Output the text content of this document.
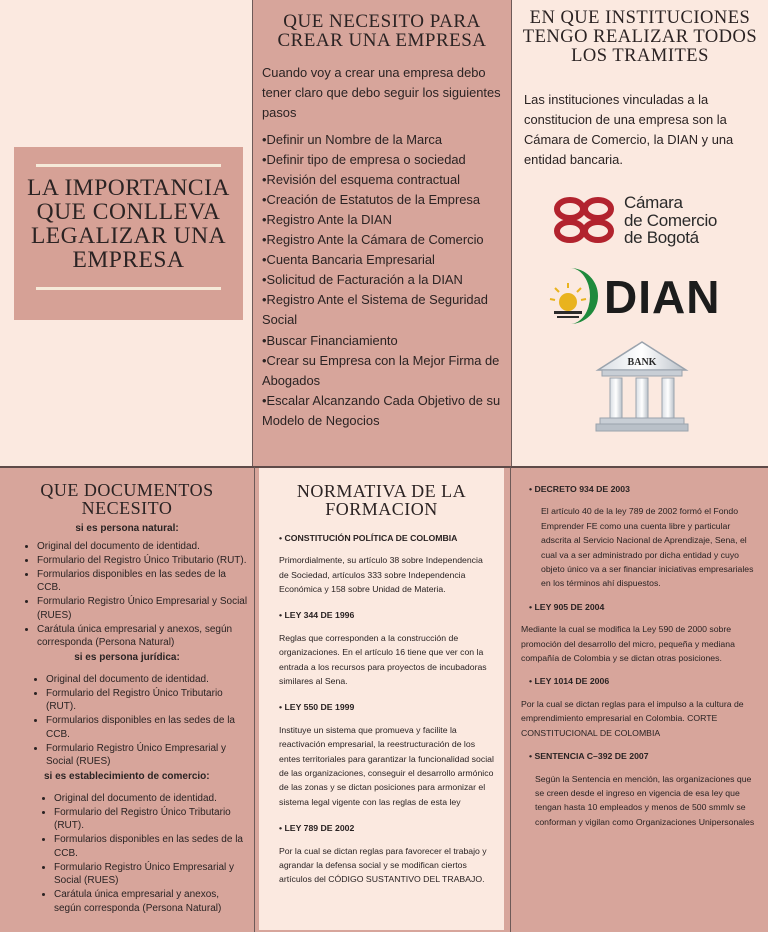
LA IMPORTANCIA QUE CONLLEVA LEGALIZAR UNA EMPRESA
QUE NECESITO PARA CREAR UNA EMPRESA

Cuando voy a crear una empresa debo tener claro que debo seguir los siguientes pasos

• Definir un Nombre de la Marca
• Definir tipo de empresa o sociedad
• Revisión del esquema contractual
• Creación de Estatutos de la Empresa
• Registro Ante la DIAN
• Registro Ante la Cámara de Comercio
• Cuenta Bancaria Empresarial
• Solicitud de Facturación a la DIAN
• Registro Ante el Sistema de Seguridad Social
• Buscar Financiamiento
• Crear su Empresa con la Mejor Firma de Abogados
• Escalar Alcanzando Cada Objetivo de su Modelo de Negocios
EN QUE INSTITUCIONES TENGO REALIZAR TODOS LOS TRAMITES

Las instituciones vinculadas a la constitucion de una empresa son la Cámara de Comercio, la DIAN y una entidad bancaria.

Cámara
de Comercio
de Bogotá
DIAN
BANK
QUE DOCUMENTOS NECESITO
si es persona natural:
• Original del documento de identidad.
• Formulario del Registro Único Tributario (RUT).
• Formularios disponibles en las sedes de la CCB.
• Formulario Registro Único Empresarial y Social (RUES)
• Carátula única empresarial y anexos, según corresponda (Persona Natural)
si es persona jurídica:
• Original del documento de identidad.
• Formulario del Registro Único Tributario (RUT).
• Formularios disponibles en las sedes de la CCB.
• Formulario Registro Único Empresarial y Social (RUES)
si es establecimiento de comercio:
• Original del documento de identidad.
• Formulario del Registro Único Tributario (RUT).
• Formularios disponibles en las sedes de la CCB.
• Formulario Registro Único Empresarial y Social (RUES)
• Carátula única empresarial y anexos, según corresponda (Persona Natural)
NORMATIVA DE LA FORMACION
• CONSTITUCIÓN POLÍTICA DE COLOMBIA

Primordialmente, su artículo 38 sobre Independencia de Sociedad, artículos 333 sobre Independencia Económica y 158 sobre Unidad de Materia.

• LEY 344 DE 1996

Reglas que corresponden a la construcción de organizaciones. En el artículo 16 tiene que ver con la entrada a los recursos para proyectos de incubadoras similares al Sena.

• LEY 550 DE 1999

Instituye un sistema que promueva y facilite la reactivación empresarial, la reestructuración de los entes territoriales para garantizar la funcionalidad social de las organizaciones, conseguir el desarrollo armónico de las zonas y se dictan posiciones para armonizar el sistema legal vigente con las reglas de esta ley

• LEY 789 DE 2002

Por la cual se dictan reglas para favorecer el trabajo y agrandar la defensa social y se modifican ciertos artículos del CÓDIGO SUSTANTIVO DEL TRABAJO.

• DECRETO 934 DE 2003

El artículo 40 de la ley 789 de 2002 formó el Fondo Emprender FE como una cuenta libre y particular adscrita al Servicio Nacional de Aprendizaje, Sena, el cual va a ser administrado por dicha entidad y cuyo objeto único va a ser financiar iniciativas empresariales en los términos ahí dispuestos.

• LEY 905 DE 2004

Mediante la cual se modifica la Ley 590 de 2000 sobre promoción del desarrollo del micro, pequeña y mediana compañía de Colombia y se dictan otras posiciones.

• LEY 1014 DE 2006

Por la cual se dictan reglas para el impulso a la cultura de emprendimiento empresarial en Colombia. CORTE CONSTITUCIONAL DE COLOMBIA

• SENTENCIA C–392 DE 2007

Según la Sentencia en mención, las organizaciones que se creen desde el ingreso en vigencia de esa ley que tengan hasta 10 empleados y menos de 500 smmlv se conforman y vigilan como Organizaciones Unipersonales
